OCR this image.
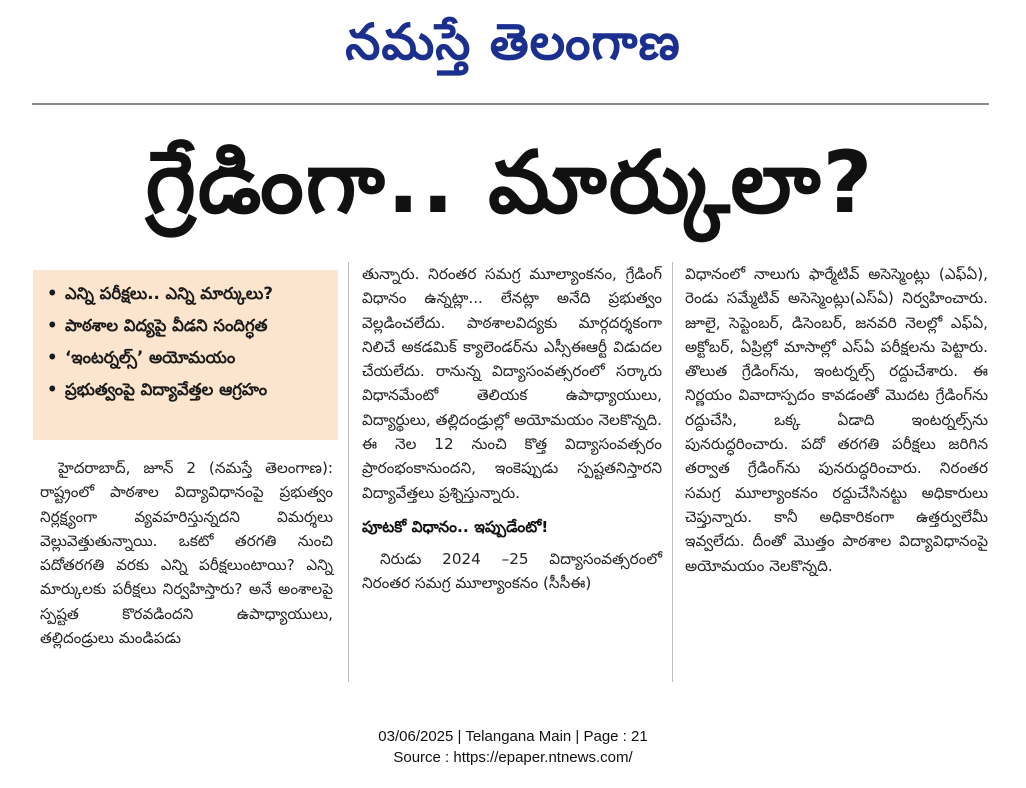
నమస్తే తెలంగాణ
గ్రేడింగా.. మార్కులా?
• ఎన్ని పరీక్షలు.. ఎన్ని మార్కులు?
• పాఠశాల విద్యపై వీడని సందిగ్ధత
• ‘ఇంటర్నల్స్’ అయోమయం
• ప్రభుత్వంపై విద్యావేత్తల ఆగ్రహం

హైదరాబాద్, జూన్ 2 (నమస్తే తెలంగాణ): రాష్ట్రంలో పాఠశాల విద్యావిధానంపై ప్రభుత్వం నిర్లక్ష్యంగా వ్యవహరిస్తున్నదని విమర్శలు వెల్లువెత్తుతున్నాయి. ఒకటో తరగతి నుంచి పదోతరగతి వరకు ఎన్ని పరీక్షలుంటాయి? ఎన్ని మార్కులకు పరీక్షలు నిర్వహిస్తారు? అనే అంశాలపై స్పష్టత కొరవడిందని ఉపాధ్యాయులు, తల్లిదండ్రులు మండిపడు

తున్నారు. నిరంతర సమగ్ర మూల్యాంకనం, గ్రేడింగ్ విధానం ఉన్నట్లా... లేనట్లా అనేది ప్రభుత్వం వెల్లడించలేదు. పాఠశాలవిద్యకు మార్గదర్శకంగా నిలిచే అకడమిక్ క్యాలెండర్‌ను ఎస్సీఈఆర్టీ విడుదల చేయలేదు. రానున్న విద్యాసంవత్సరంలో సర్కారు విధానమేంటో తెలియక ఉపాధ్యాయులు, విద్యార్థులు, తల్లిదండ్రుల్లో అయోమయం నెలకొన్నది. ఈ నెల 12 నుంచి కొత్త విద్యాసంవత్సరం ప్రారంభంకానుందని, ఇంకెప్పుడు స్పష్టతనిస్తారని విద్యావేత్తలు ప్రశ్నిస్తున్నారు.

పూటకో విధానం.. ఇప్పుడేంటో!

నిరుడు 2024 –25 విద్యాసంవత్సరంలో నిరంతర సమగ్ర మూల్యాంకనం (సీసీఈ)

విధానంలో నాలుగు ఫార్మేటివ్ అసెస్మెంట్లు (ఎఫ్ఏ), రెండు సమ్మేటివ్ అసెస్మెంట్లు(ఎస్ఏ) నిర్వహించారు. జూలై, సెప్టెంబర్, డిసెంబర్, జనవరి నెలల్లో ఎఫ్ఏ, అక్టోబర్, ఏప్రిల్లో మాసాల్లో ఎస్ఏ పరీక్షలను పెట్టారు. తొలుత గ్రేడింగ్‌ను, ఇంటర్నల్స్ రద్దుచేశారు. ఈ నిర్ణయం వివాదాస్పదం కావడంతో మొదట గ్రేడింగ్‌ను రద్దుచేసి, ఒక్క ఏడాది ఇంటర్నల్స్‌ను పునరుద్ధరించారు. పదో తరగతి పరీక్షలు జరిగిన తర్వాత గ్రేడింగ్‌ను పునరుద్ధరించారు. నిరంతర సమగ్ర మూల్యాంకనం రద్దుచేసినట్టు అధికారులు చెప్తున్నారు. కానీ అధికారికంగా ఉత్తర్వులేమీ ఇవ్వలేదు. దీంతో మొత్తం పాఠశాల విద్యావిధానంపై అయోమయం నెలకొన్నది.

03/06/2025 | Telangana Main | Page : 21
Source : https://epaper.ntnews.com/
